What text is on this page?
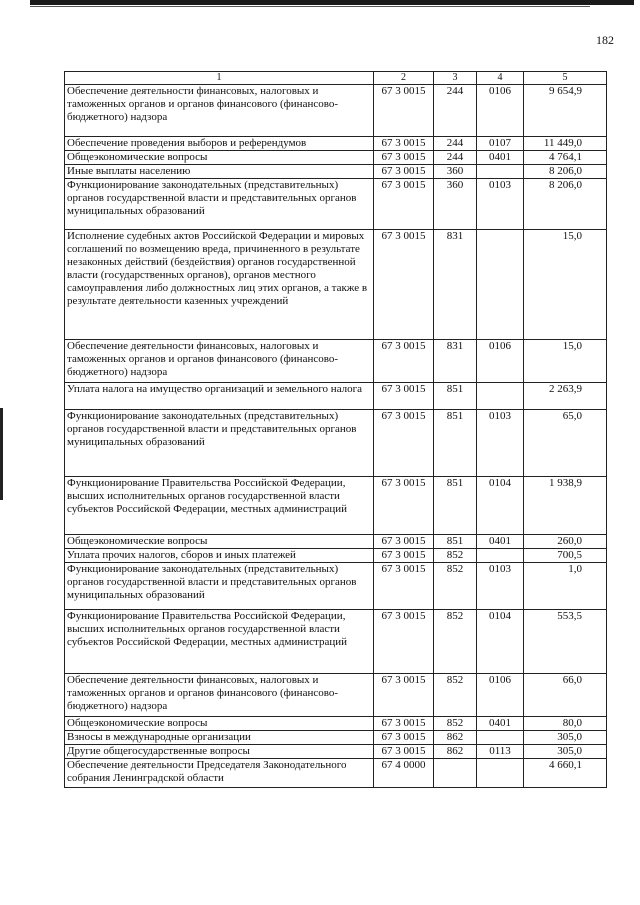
182
1	2	3	4	5
Обеспечение деятельности финансовых, налоговых и таможенных органов и органов финансового (финансово-бюджетного) надзора	67 3 0015	244	0106	9 654,9
Обеспечение проведения выборов и референдумов	67 3 0015	244	0107	11 449,0
Общеэкономические вопросы	67 3 0015	244	0401	4 764,1
Иные выплаты населению	67 3 0015	360		8 206,0
Функционирование законодательных (представительных) органов государственной власти и представительных органов муниципальных образований	67 3 0015	360	0103	8 206,0
Исполнение судебных актов Российской Федерации и мировых соглашений по возмещению вреда, причиненного в результате незаконных действий (бездействия) органов государственной власти (государственных органов), органов местного самоуправления либо должностных лиц этих органов, а также в результате деятельности казенных учреждений	67 3 0015	831		15,0
Обеспечение деятельности финансовых, налоговых и таможенных органов и органов финансового (финансово-бюджетного) надзора	67 3 0015	831	0106	15,0
Уплата налога на имущество организаций и земельного налога	67 3 0015	851		2 263,9
Функционирование законодательных (представительных) органов государственной власти и представительных органов муниципальных образований	67 3 0015	851	0103	65,0
Функционирование Правительства Российской Федерации, высших исполнительных органов государственной власти субъектов Российской Федерации, местных администраций	67 3 0015	851	0104	1 938,9
Общеэкономические вопросы	67 3 0015	851	0401	260,0
Уплата прочих налогов, сборов и иных платежей	67 3 0015	852		700,5
Функционирование законодательных (представительных) органов государственной власти и представительных органов муниципальных образований	67 3 0015	852	0103	1,0
Функционирование Правительства Российской Федерации, высших исполнительных органов государственной власти субъектов Российской Федерации, местных администраций	67 3 0015	852	0104	553,5
Обеспечение деятельности финансовых, налоговых и таможенных органов и органов финансового (финансово-бюджетного) надзора	67 3 0015	852	0106	66,0
Общеэкономические вопросы	67 3 0015	852	0401	80,0
Взносы в международные организации	67 3 0015	862		305,0
Другие общегосударственные вопросы	67 3 0015	862	0113	305,0
Обеспечение деятельности Председателя Законодательного собрания Ленинградской области	67 4 0000			4 660,1
